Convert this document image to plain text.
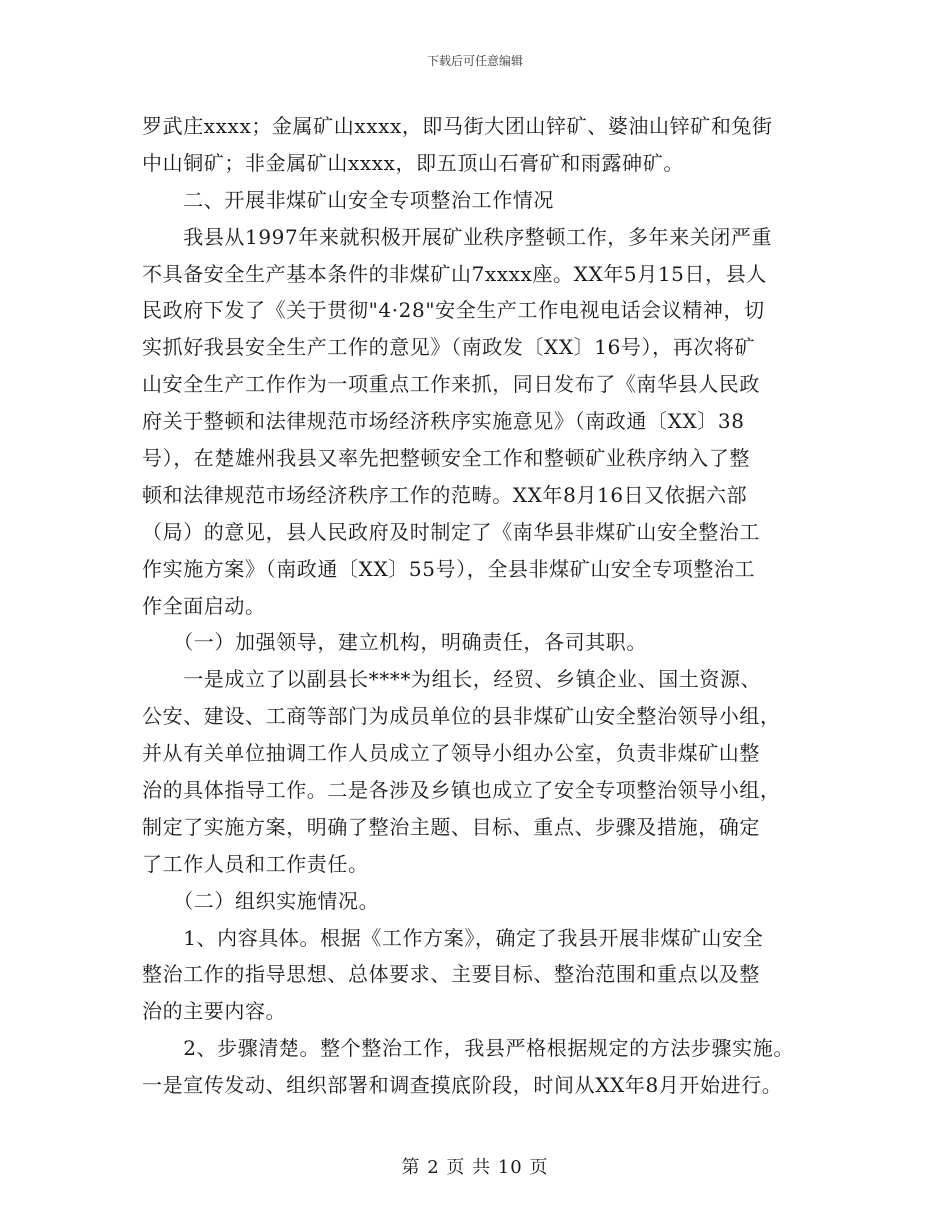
下载后可任意编辑
罗武庄xxxx；金属矿山xxxx，即马街大团山锌矿、婆油山锌矿和兔街
中山铜矿；非金属矿山xxxx，即五顶山石膏矿和雨露砷矿。
　　二、开展非煤矿山安全专项整治工作情况
　　我县从1997年来就积极开展矿业秩序整顿工作，多年来关闭严重
不具备安全生产基本条件的非煤矿山7xxxx座。XX年5月15日，县人
民政府下发了《关于贯彻"4·28"安全生产工作电视电话会议精神，切
实抓好我县安全生产工作的意见》（南政发〔XX〕16号），再次将矿
山安全生产工作作为一项重点工作来抓，同日发布了《南华县人民政
府关于整顿和法律规范市场经济秩序实施意见》（南政通〔XX〕38
号），在楚雄州我县又率先把整顿安全工作和整顿矿业秩序纳入了整
顿和法律规范市场经济秩序工作的范畴。XX年8月16日又依据六部
（局）的意见，县人民政府及时制定了《南华县非煤矿山安全整治工
作实施方案》（南政通〔XX〕55号），全县非煤矿山安全专项整治工
作全面启动。
　　（一）加强领导，建立机构，明确责任，各司其职。
　　一是成立了以副县长****为组长，经贸、乡镇企业、国土资源、
公安、建设、工商等部门为成员单位的县非煤矿山安全整治领导小组，
并从有关单位抽调工作人员成立了领导小组办公室，负责非煤矿山整
治的具体指导工作。二是各涉及乡镇也成立了安全专项整治领导小组，
制定了实施方案，明确了整治主题、目标、重点、步骤及措施，确定
了工作人员和工作责任。
　　（二）组织实施情况。
　　1、内容具体。根据《工作方案》，确定了我县开展非煤矿山安全
整治工作的指导思想、总体要求、主要目标、整治范围和重点以及整
治的主要内容。
　　2、步骤清楚。整个整治工作，我县严格根据规定的方法步骤实施。
一是宣传发动、组织部署和调查摸底阶段，时间从XX年8月开始进行。
第 2 页 共 10 页
